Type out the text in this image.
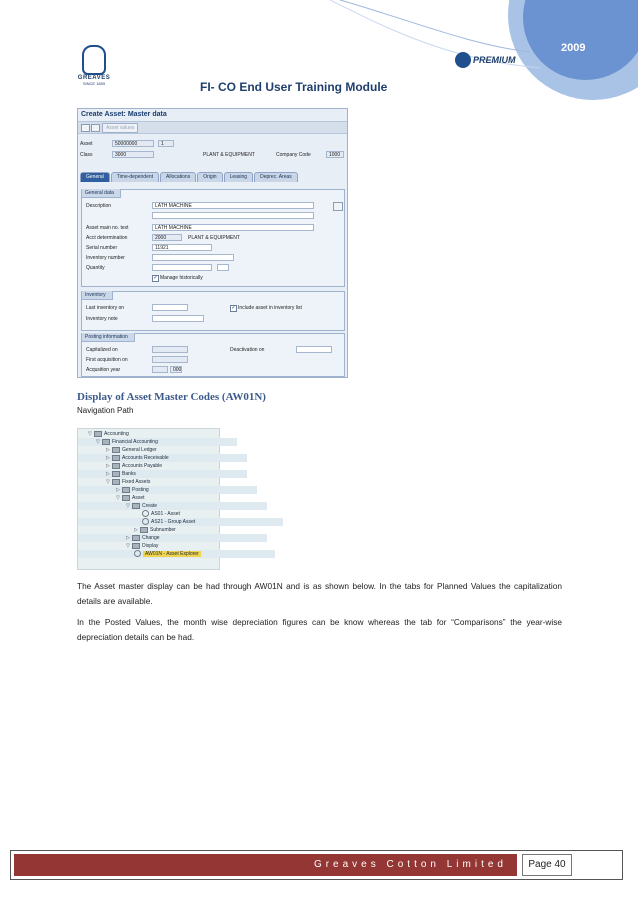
2009
GREAVES
SINCE 1859
PREMIUM
FI- CO End User Training Module
Create Asset: Master data
Asset values
Asset	50000000	1
Class	3000	PLANT & EQUIPMENT	Company Code	1000
General	Time-dependent	Allocations	Origin	Leasing	Deprec. Areas
General data
Description	LATH MACHINE
Asset main no. text	LATH MACHINE
Acct determination	2000	PLANT & EQUIPMENT
Serial number	11921
Inventory number
Quantity
✓ Manage historically
Inventory
Last inventory on	✓ Include asset in inventory list
Inventory note
Posting information
Capitalized on	Deactivation on
First acquisition on
Acqusition year	000
Display of Asset Master Codes (AW01N)
Navigation Path
▽ Accounting
▽ Financial Accounting
▷ General Ledger
▷ Accounts Receivable
▷ Accounts Payable
▷ Banks
▽ Fixed Assets
▷ Posting
▽ Asset
▽ Create
AS01 - Asset
AS21 - Group Asset
▷ Subnumber
▷ Change
▽ Display
AW01N - Asset Explorer
The Asset master display can be had through AW01N and is as shown below. In the tabs for Planned Values the capitalization details are available.
In the Posted Values, the month wise depreciation figures can be know whereas the tab for “Comparisons” the year-wise depreciation details can be had.
Greaves Cotton Limited	Page 40
